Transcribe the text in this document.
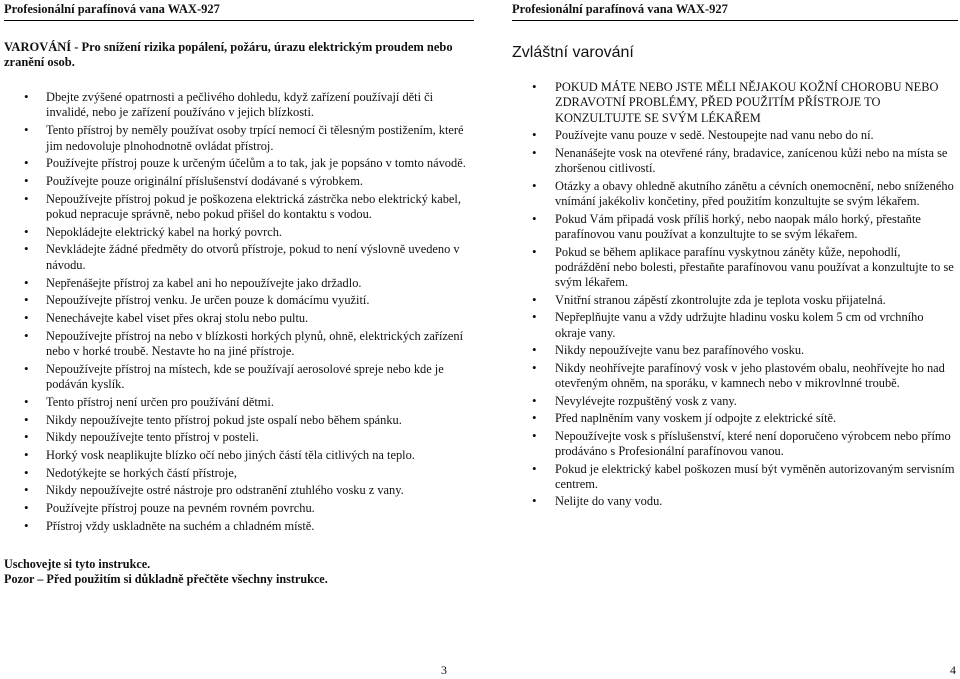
Profesionální parafínová vana WAX-927	Profesionální parafínová vana WAX-927
VAROVÁNÍ - Pro snížení rizika popálení, požáru, úrazu elektrickým proudem nebo zranění osob.
• Dbejte zvýšené opatrnosti a pečlivého dohledu, když zařízení používají děti či invalidé, nebo je zařízení používáno v jejich blízkosti.
• Tento přístroj by neměly používat osoby trpící nemocí či tělesným postižením, které jim nedovoluje plnohodnotně ovládat přístroj.
• Používejte přístroj pouze k určeným účelům a to tak, jak je popsáno v tomto návodě.
• Používejte pouze originální příslušenství dodávané s výrobkem.
• Nepoužívejte přístroj pokud je poškozena elektrická zástrčka nebo elektrický kabel, pokud nepracuje správně, nebo pokud přišel do kontaktu s vodou.
• Nepokládejte elektrický kabel na horký povrch.
• Nevkládejte žádné předměty do otvorů přístroje, pokud to není výslovně uvedeno v návodu.
• Nepřenášejte přístroj za kabel ani ho nepoužívejte jako držadlo.
• Nepoužívejte přístroj venku. Je určen pouze k domácímu využití.
• Nenechávejte kabel viset přes okraj stolu nebo pultu.
• Nepoužívejte přístroj na nebo v blízkosti horkých plynů, ohně, elektrických zařízení nebo v horké troubě. Nestavte ho na jiné přístroje.
• Nepoužívejte přístroj na místech, kde se používají aerosolové spreje nebo kde je podáván kyslík.
• Tento přístroj není určen pro používání dětmi.
• Nikdy nepoužívejte tento přístroj pokud jste ospalí nebo během spánku.
• Nikdy nepoužívejte tento přístroj v posteli.
• Horký vosk neaplikujte blízko očí nebo jiných částí těla citlivých na teplo.
• Nedotýkejte se horkých částí přístroje,
• Nikdy nepoužívejte ostré nástroje pro odstranění ztuhlého vosku z vany.
• Používejte přístroj pouze na pevném rovném povrchu.
• Přístroj vždy uskladněte na suchém a chladném místě.
Zvláštní varování
• POKUD MÁTE NEBO JSTE MĚLI NĚJAKOU KOŽNÍ CHOROBU NEBO ZDRAVOTNÍ PROBLÉMY, PŘED POUŽITÍM PŘÍSTROJE TO KONZULTUJTE SE SVÝM LÉKAŘEM
• Používejte vanu pouze v sedě. Nestoupejte nad vanu nebo do ní.
• Nenanášejte vosk na otevřené rány, bradavice, zanícenou kůži nebo na místa se zhoršenou citlivostí.
• Otázky a obavy ohledně akutního zánětu a cévních onemocnění, nebo sníženého vnímání jakékoliv končetiny, před použitím konzultujte se svým lékařem.
• Pokud Vám připadá vosk příliš horký, nebo naopak málo horký, přestaňte parafínovou vanu používat a konzultujte to se svým lékařem.
• Pokud se během aplikace parafínu vyskytnou záněty kůže, nepohodlí, podráždění nebo bolesti, přestaňte parafínovou vanu používat a konzultujte to se svým lékařem.
• Vnitřní stranou zápěstí zkontrolujte zda je teplota vosku přijatelná.
• Nepřeplňujte vanu a vždy udržujte hladinu vosku kolem 5 cm od vrchního okraje vany.
• Nikdy nepoužívejte vanu bez parafínového vosku.
• Nikdy neohřívejte parafínový vosk v jeho plastovém obalu, neohřívejte ho nad otevřeným ohněm, na sporáku, v kamnech nebo v mikrovlnné troubě.
• Nevylévejte rozpuštěný vosk z vany.
• Před naplněním vany voskem jí odpojte z elektrické sítě.
• Nepoužívejte vosk s příslušenství, které není doporučeno výrobcem nebo přímo prodáváno s Profesionální parafínovou vanou.
• Pokud je elektrický kabel poškozen musí být vyměněn autorizovaným servisním centrem.
• Nelijte do vany vodu.
Uschovejte si tyto instrukce.
Pozor – Před použitím si důkladně přečtěte všechny instrukce.
3	4
